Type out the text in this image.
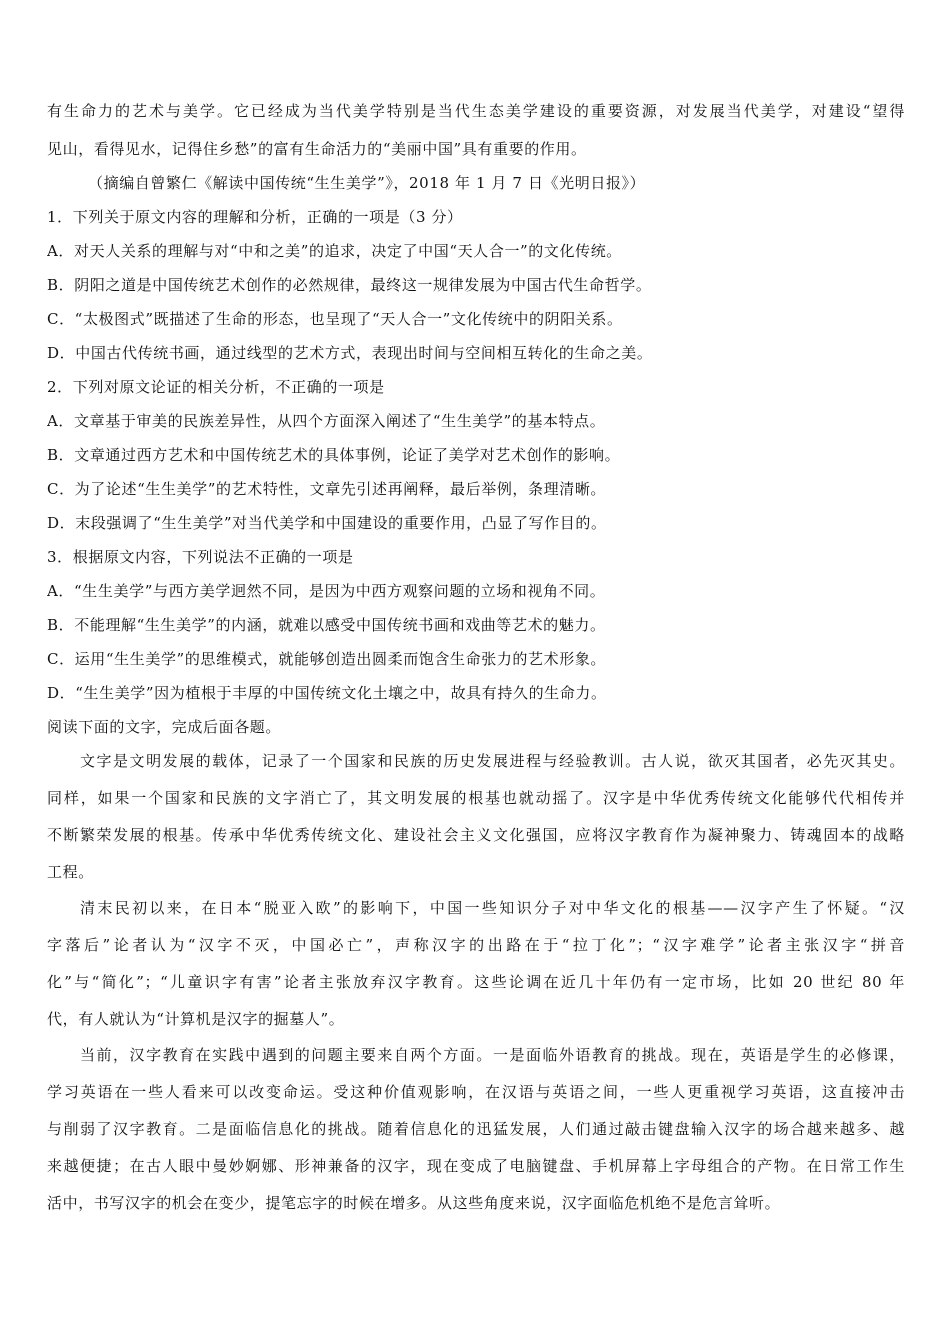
有生命力的艺术与美学。它已经成为当代美学特别是当代生态美学建设的重要资源，对发展当代美学，对建设“望得
见山，看得见水，记得住乡愁”的富有生命活力的“美丽中国”具有重要的作用。
（摘编自曾繁仁《解读中国传统“生生美学”》，2018 年 1 月 7 日《光明日报》）
1．下列关于原文内容的理解和分析，正确的一项是（3 分）
A．对天人关系的理解与对“中和之美”的追求，决定了中国“天人合一”的文化传统。
B．阴阳之道是中国传统艺术创作的必然规律，最终这一规律发展为中国古代生命哲学。
C．“太极图式”既描述了生命的形态，也呈现了“天人合一”文化传统中的阴阳关系。
D．中国古代传统书画，通过线型的艺术方式，表现出时间与空间相互转化的生命之美。
2．下列对原文论证的相关分析，不正确的一项是
A．文章基于审美的民族差异性，从四个方面深入阐述了“生生美学”的基本特点。
B．文章通过西方艺术和中国传统艺术的具体事例，论证了美学对艺术创作的影响。
C．为了论述“生生美学”的艺术特性，文章先引述再阐释，最后举例，条理清晰。
D．末段强调了“生生美学”对当代美学和中国建设的重要作用，凸显了写作目的。
3．根据原文内容，下列说法不正确的一项是
A．“生生美学”与西方美学迥然不同，是因为中西方观察问题的立场和视角不同。
B．不能理解“生生美学”的内涵，就难以感受中国传统书画和戏曲等艺术的魅力。
C．运用“生生美学”的思维模式，就能够创造出圆柔而饱含生命张力的艺术形象。
D．“生生美学”因为植根于丰厚的中国传统文化土壤之中，故具有持久的生命力。
阅读下面的文字，完成后面各题。
文字是文明发展的载体，记录了一个国家和民族的历史发展进程与经验教训。古人说，欲灭其国者，必先灭其史。
同样，如果一个国家和民族的文字消亡了，其文明发展的根基也就动摇了。汉字是中华优秀传统文化能够代代相传并
不断繁荣发展的根基。传承中华优秀传统文化、建设社会主义文化强国，应将汉字教育作为凝神聚力、铸魂固本的战略
工程。
清末民初以来，在日本“脱亚入欧”的影响下，中国一些知识分子对中华文化的根基——汉字产生了怀疑。“汉
字落后”论者认为“汉字不灭，中国必亡”，声称汉字的出路在于“拉丁化”；“汉字难学”论者主张汉字“拼音
化”与“简化”；“儿童识字有害”论者主张放弃汉字教育。这些论调在近几十年仍有一定市场，比如 20 世纪 80 年
代，有人就认为“计算机是汉字的掘墓人”。
当前，汉字教育在实践中遇到的问题主要来自两个方面。一是面临外语教育的挑战。现在，英语是学生的必修课，
学习英语在一些人看来可以改变命运。受这种价值观影响，在汉语与英语之间，一些人更重视学习英语，这直接冲击
与削弱了汉字教育。二是面临信息化的挑战。随着信息化的迅猛发展，人们通过敲击键盘输入汉字的场合越来越多、越
来越便捷；在古人眼中曼妙婀娜、形神兼备的汉字，现在变成了电脑键盘、手机屏幕上字母组合的产物。在日常工作生
活中，书写汉字的机会在变少，提笔忘字的时候在增多。从这些角度来说，汉字面临危机绝不是危言耸听。
